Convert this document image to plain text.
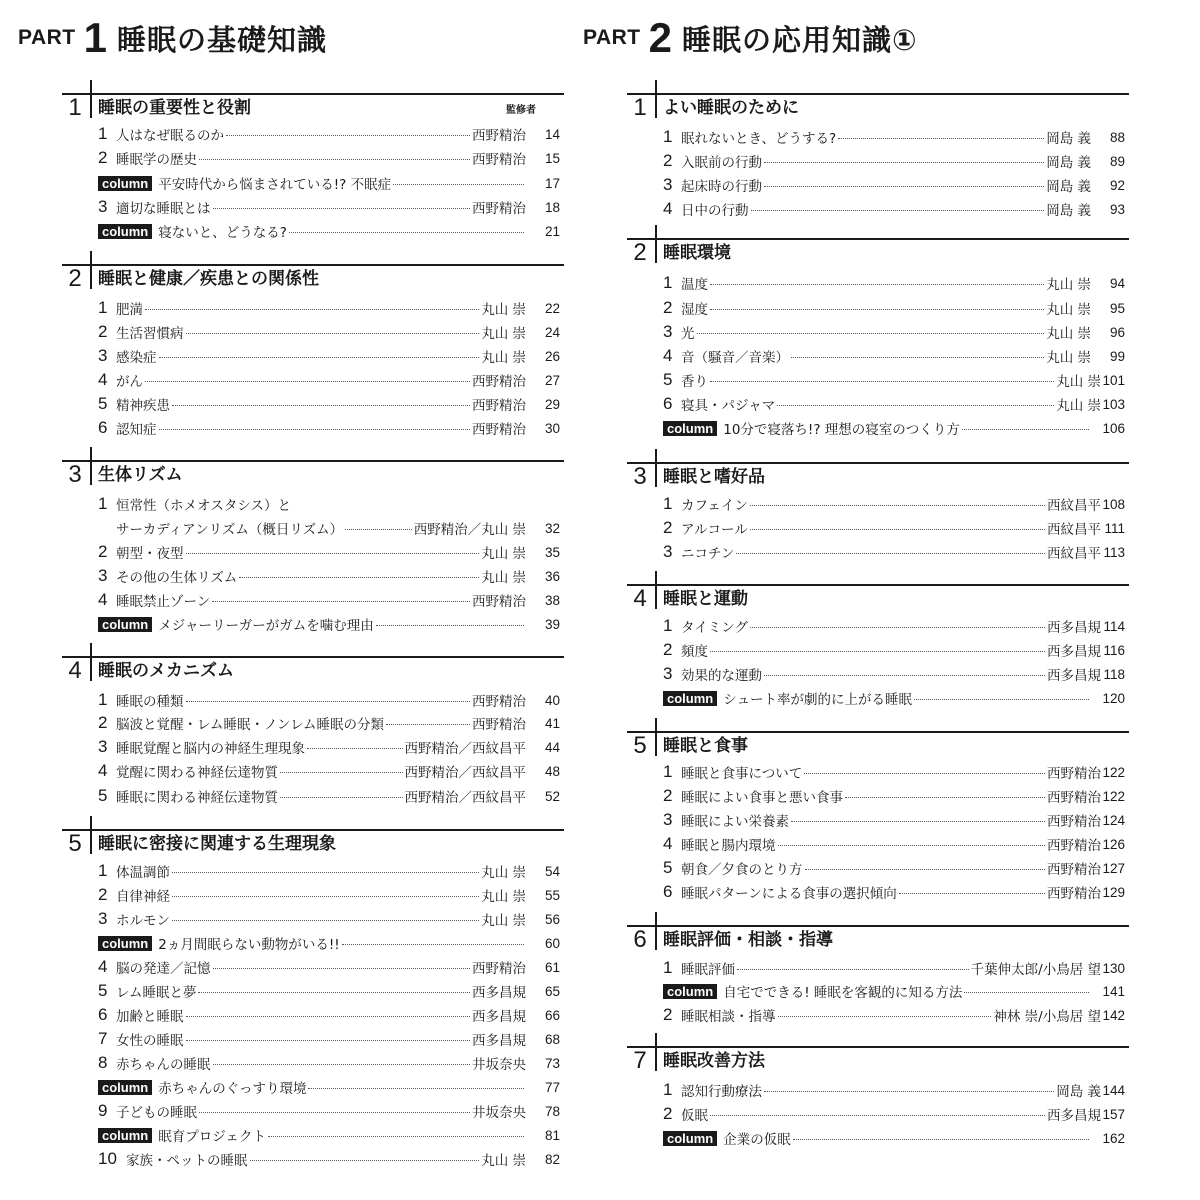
PART 1 睡眠の基礎知識
1 睡眠の重要性と役割	監修者
1 人はなぜ眠るのか	西野精治	14
2 睡眠学の歴史	西野精治	15
column 平安時代から悩まされている!? 不眠症	17
3 適切な睡眠とは	西野精治	18
column 寝ないと、どうなる?	21
2 睡眠と健康／疾患との関係性
1 肥満	丸山 崇	22
2 生活習慣病	丸山 崇	24
3 感染症	丸山 崇	26
4 がん	西野精治	27
5 精神疾患	西野精治	29
6 認知症	西野精治	30
3 生体リズム
1 恒常性（ホメオスタシス）と
サーカディアンリズム（概日リズム）	西野精治／丸山 崇	32
2 朝型・夜型	丸山 崇	35
3 その他の生体リズム	丸山 崇	36
4 睡眠禁止ゾーン	西野精治	38
column メジャーリーガーがガムを噛む理由	39
4 睡眠のメカニズム
1 睡眠の種類	西野精治	40
2 脳波と覚醒・レム睡眠・ノンレム睡眠の分類	西野精治	41
3 睡眠覚醒と脳内の神経生理現象	西野精治／西紋昌平	44
4 覚醒に関わる神経伝達物質	西野精治／西紋昌平	48
5 睡眠に関わる神経伝達物質	西野精治／西紋昌平	52
5 睡眠に密接に関連する生理現象
1 体温調節	丸山 崇	54
2 自律神経	丸山 崇	55
3 ホルモン	丸山 崇	56
column 2ヵ月間眠らない動物がいる!!	60
4 脳の発達／記憶	西野精治	61
5 レム睡眠と夢	西多昌規	65
6 加齢と睡眠	西多昌規	66
7 女性の睡眠	西多昌規	68
8 赤ちゃんの睡眠	井坂奈央	73
column 赤ちゃんのぐっすり環境	77
9 子どもの睡眠	井坂奈央	78
column 眠育プロジェクト	81
10 家族・ペットの睡眠	丸山 崇	82
PART 2 睡眠の応用知識①
1 よい睡眠のために
1 眠れないとき、どうする?	岡島 義	88
2 入眠前の行動	岡島 義	89
3 起床時の行動	岡島 義	92
4 日中の行動	岡島 義	93
2 睡眠環境
1 温度	丸山 崇	94
2 湿度	丸山 崇	95
3 光	丸山 崇	96
4 音（騒音／音楽）	丸山 崇	99
5 香り	丸山 崇 101
6 寝具・パジャマ	丸山 崇 103
column 10分で寝落ち!? 理想の寝室のつくり方	106
3 睡眠と嗜好品
1 カフェイン	西紋昌平 108
2 アルコール	西紋昌平 111
3 ニコチン	西紋昌平 113
4 睡眠と運動
1 タイミング	西多昌規 114
2 頻度	西多昌規 116
3 効果的な運動	西多昌規 118
column シュート率が劇的に上がる睡眠	120
5 睡眠と食事
1 睡眠と食事について	西野精治 122
2 睡眠によい食事と悪い食事	西野精治 122
3 睡眠によい栄養素	西野精治 124
4 睡眠と腸内環境	西野精治 126
5 朝食／夕食のとり方	西野精治 127
6 睡眠パターンによる食事の選択傾向	西野精治 129
6 睡眠評価・相談・指導
1 睡眠評価	千葉伸太郎/小鳥居 望 130
column 自宅でできる! 睡眠を客観的に知る方法	141
2 睡眠相談・指導	神林 崇/小鳥居 望 142
7 睡眠改善方法
1 認知行動療法	岡島 義 144
2 仮眠	西多昌規 157
column 企業の仮眠	162
